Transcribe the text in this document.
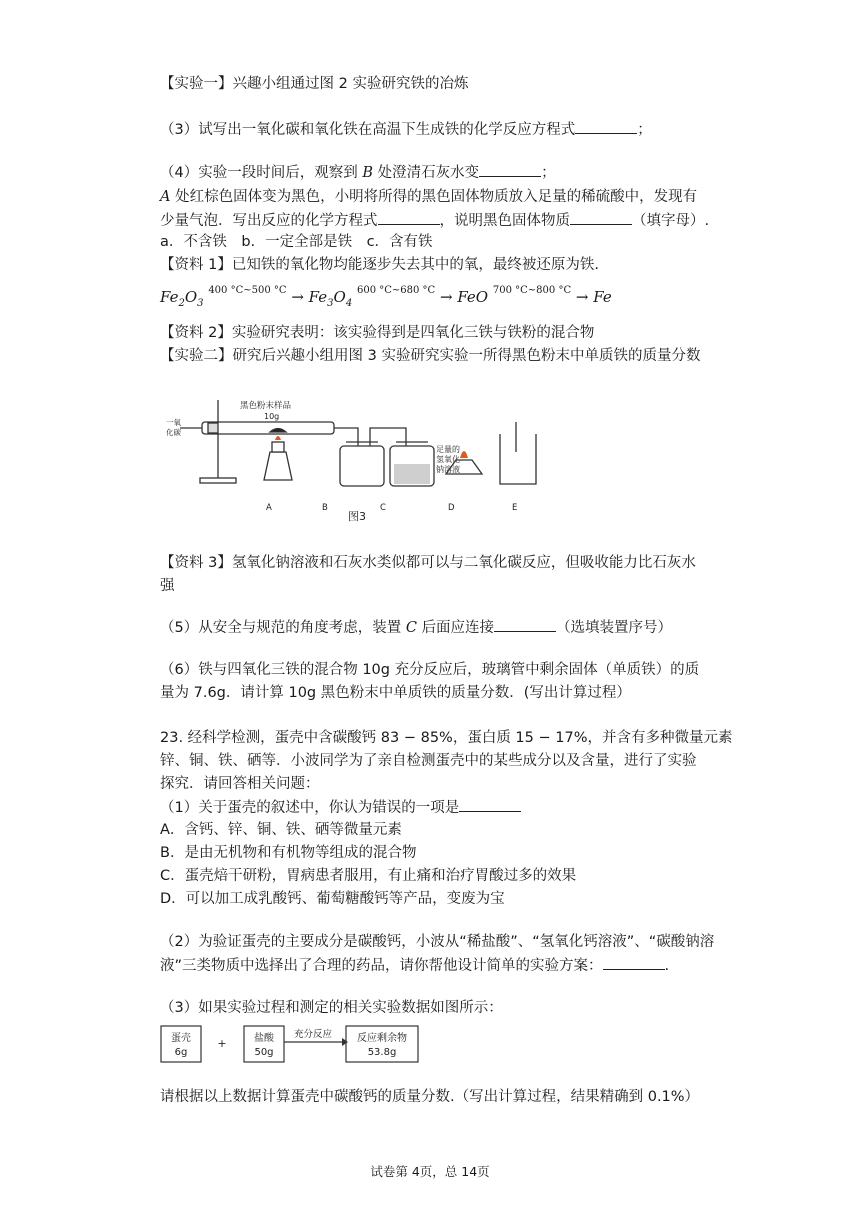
【实验一】兴趣小组通过图 2 实验研究铁的冶炼
（3）试写出一氧化碳和氧化铁在高温下生成铁的化学反应方程式	；
（4）实验一段时间后，观察到 B 处澄清石灰水变	；
A 处红棕色固体变为黑色，小明将所得的黑色固体物质放入足量的稀硫酸中，发现有
少量气泡．写出反应的化学方程式	，说明黑色固体物质	（填字母）.
a．不含铁　b．一定全部是铁　c．含有铁
【资料 1】已知铁的氧化物均能逐步失去其中的氧，最终被还原为铁.
$Fe_2O_3$ $^{400 ^\circ C\sim 500 ^\circ C} \to Fe_3O_4$ $^{600 ^\circ C\sim 680 ^\circ C}$ → FeO $^{700 ^\circ C\sim 800 ^\circ C}$ → Fe
【资料 2】实验研究表明：该实验得到是四氧化三铁与铁粉的混合物
【实验二】研究后兴趣小组用图 3 实验研究实验一所得黑色粉末中单质铁的质量分数
一氧
化碳
黑色粉末样品
10g
足量的
氢氧化
钠溶液
A	B	C	D	E
图3
【资料 3】氢氧化钠溶液和石灰水类似都可以与二氧化碳反应，但吸收能力比石灰水
强
（5）从安全与规范的角度考虑，装置 C 后面应连接	（选填装置序号）
（6）铁与四氧化三铁的混合物 10g 充分反应后，玻璃管中剩余固体（单质铁）的质
量为 7.6g．请计算 10g 黑色粉末中单质铁的质量分数．(写出计算过程）
23. 经科学检测，蛋壳中含碳酸钙 83 − 85%，蛋白质 15 − 17%，并含有多种微量元素
锌、铜、铁、硒等．小波同学为了亲自检测蛋壳中的某些成分以及含量，进行了实验
探究．请回答相关问题：
（1）关于蛋壳的叙述中，你认为错误的一项是
A．含钙、锌、铜、铁、硒等微量元素
B．是由无机物和有机物等组成的混合物
C．蛋壳焙干研粉，胃病患者服用，有止痛和治疗胃酸过多的效果
D．可以加工成乳酸钙、葡萄糖酸钙等产品，变废为宝
（2）为验证蛋壳的主要成分是碳酸钙，小波从“稀盐酸”、“氢氧化钙溶液”、“碳酸钠溶
液”三类物质中选择出了合理的药品，请你帮他设计简单的实验方案：	.
（3）如果实验过程和测定的相关实验数据如图所示：
蛋壳
6g
+	盐酸
50g
充分反应 反应剩余物
53.8g
请根据以上数据计算蛋壳中碳酸钙的质量分数.（写出计算过程，结果精确到 0.1%）
试卷第 4页，总 14页
